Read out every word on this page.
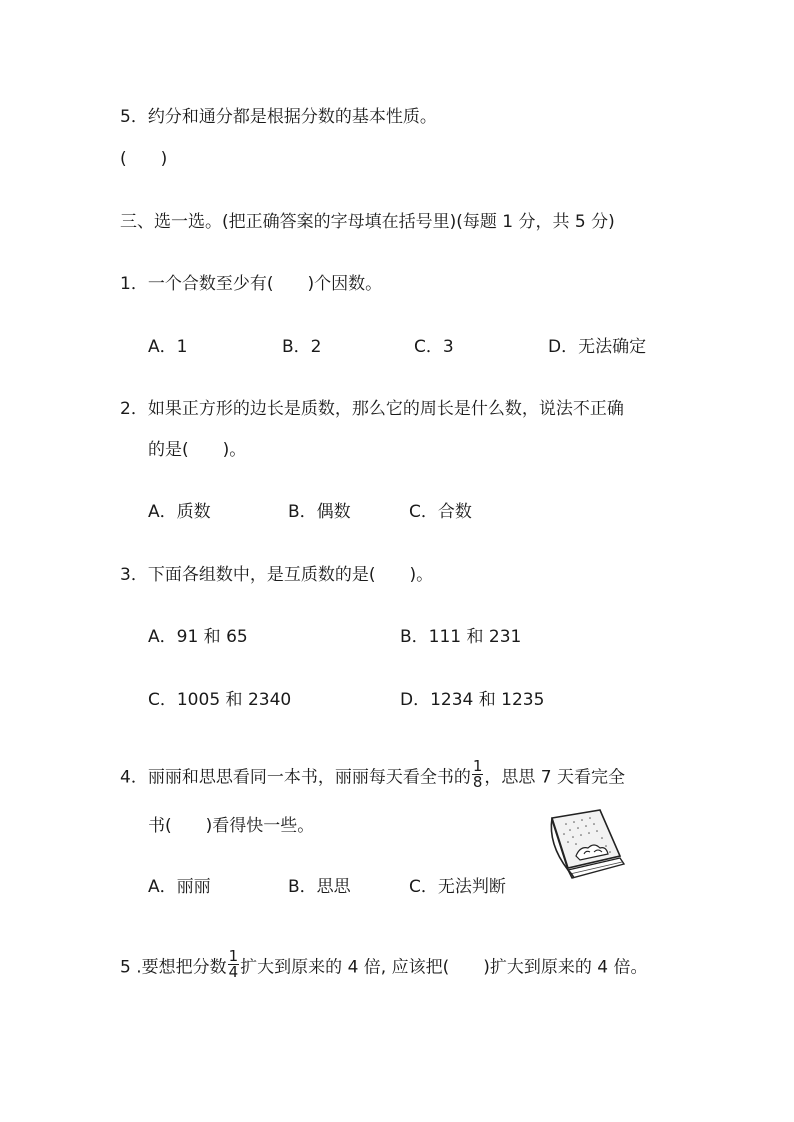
5．约分和通分都是根据分数的基本性质。
(　　)
三、选一选。(把正确答案的字母填在括号里)(每题 1 分，共 5 分)
1．一个合数至少有(　　)个因数。
A．1	B．2	C．3	D．无法确定
2．如果正方形的边长是质数，那么它的周长是什么数，说法不正确
的是(　　)。
A．质数	B．偶数	C．合数
3．下面各组数中，是互质数的是(　　)。
A．91 和 65	B．111 和 231
C．1005 和 2340	D．1234 和 1235
4．丽丽和思思看同一本书，丽丽每天看全书的 $\frac{1}{8}$ ，思思 7 天看完全
书(　　)看得快一些。
A．丽丽	B．思思	C．无法判断
5 .要想把分数 $\frac{1}{4}$ 扩大到原来的 4 倍, 应该把(　　)扩大到原来的 4 倍。
